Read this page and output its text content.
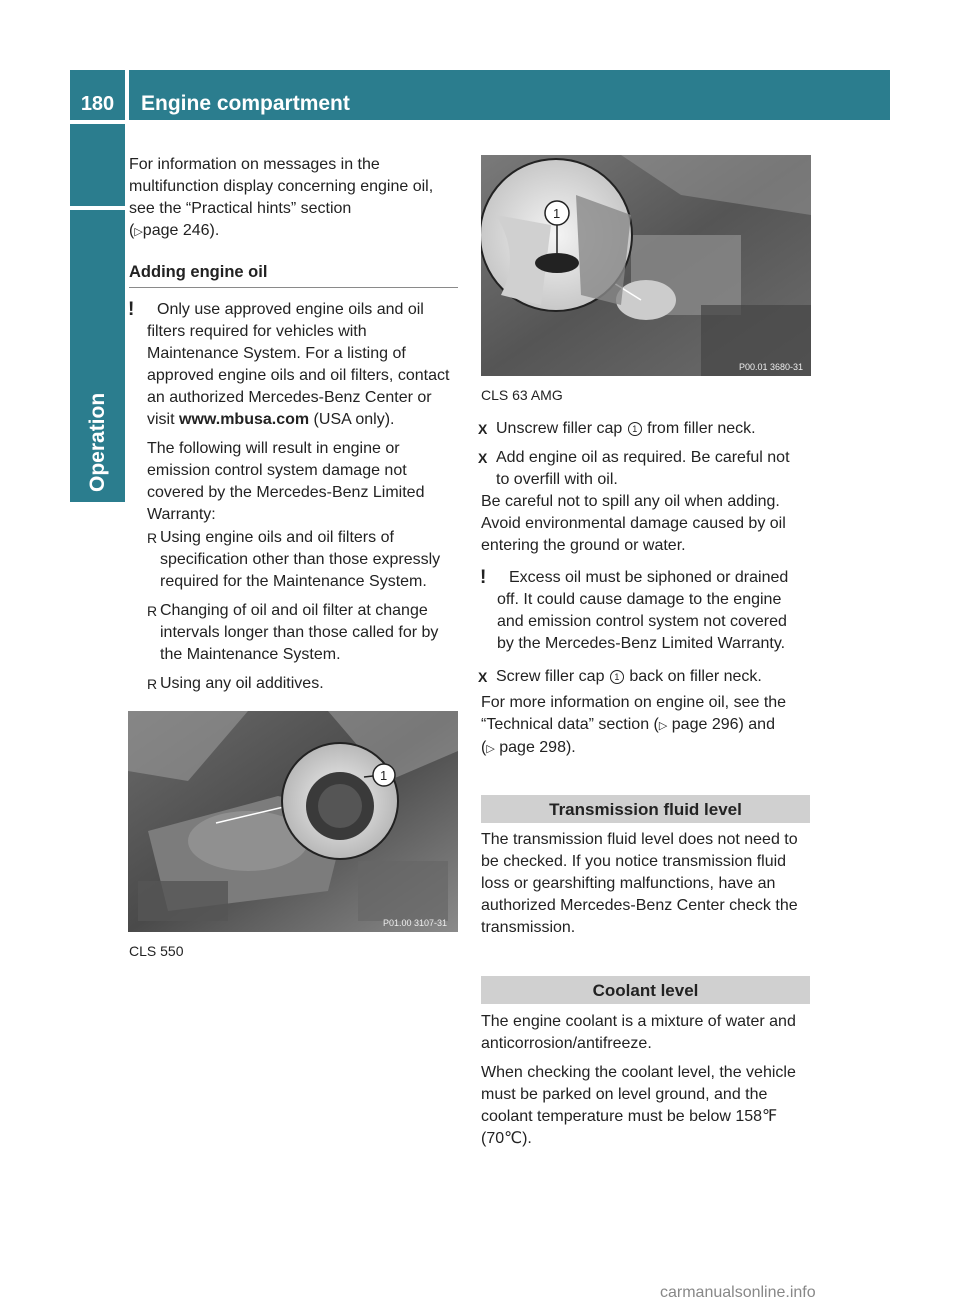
180	Engine compartment
Operation
For information on messages in the
multifunction display concerning engine oil,
see the “Practical hints” section
(▷page 246).
Adding engine oil
!	Only use approved engine oils and oil
filters required for vehicles with
Maintenance System. For a listing of
approved engine oils and oil filters, contact
an authorized Mercedes-Benz Center or
visit www.mbusa.com (USA only).
The following will result in engine or
emission control system damage not
covered by the Mercedes-Benz Limited
Warranty:
R Using engine oils and oil filters of
specification other than those expressly
required for the Maintenance System.
R Changing of oil and oil filter at change
intervals longer than those called for by
the Maintenance System.
R Using any oil additives.
1
P01.00 3107-31
CLS 550
1
P00.01 3680-31
CLS 63 AMG
X Unscrew filler cap 1 from filler neck.
X Add engine oil as required. Be careful not
to overfill with oil.
Be careful not to spill any oil when adding.
Avoid environmental damage caused by oil
entering the ground or water.
!	Excess oil must be siphoned or drained
off. It could cause damage to the engine
and emission control system not covered
by the Mercedes-Benz Limited Warranty.
X Screw filler cap 1 back on filler neck.
For more information on engine oil, see the
“Technical data” section (▷ page 296) and
(▷ page 298).
Transmission fluid level
The transmission fluid level does not need to
be checked. If you notice transmission fluid
loss or gearshifting malfunctions, have an
authorized Mercedes-Benz Center check the
transmission.
Coolant level
The engine coolant is a mixture of water and
anticorrosion/antifreeze.
When checking the coolant level, the vehicle
must be parked on level ground, and the
coolant temperature must be below 158℉
(70℃).
carmanualsonline.info
